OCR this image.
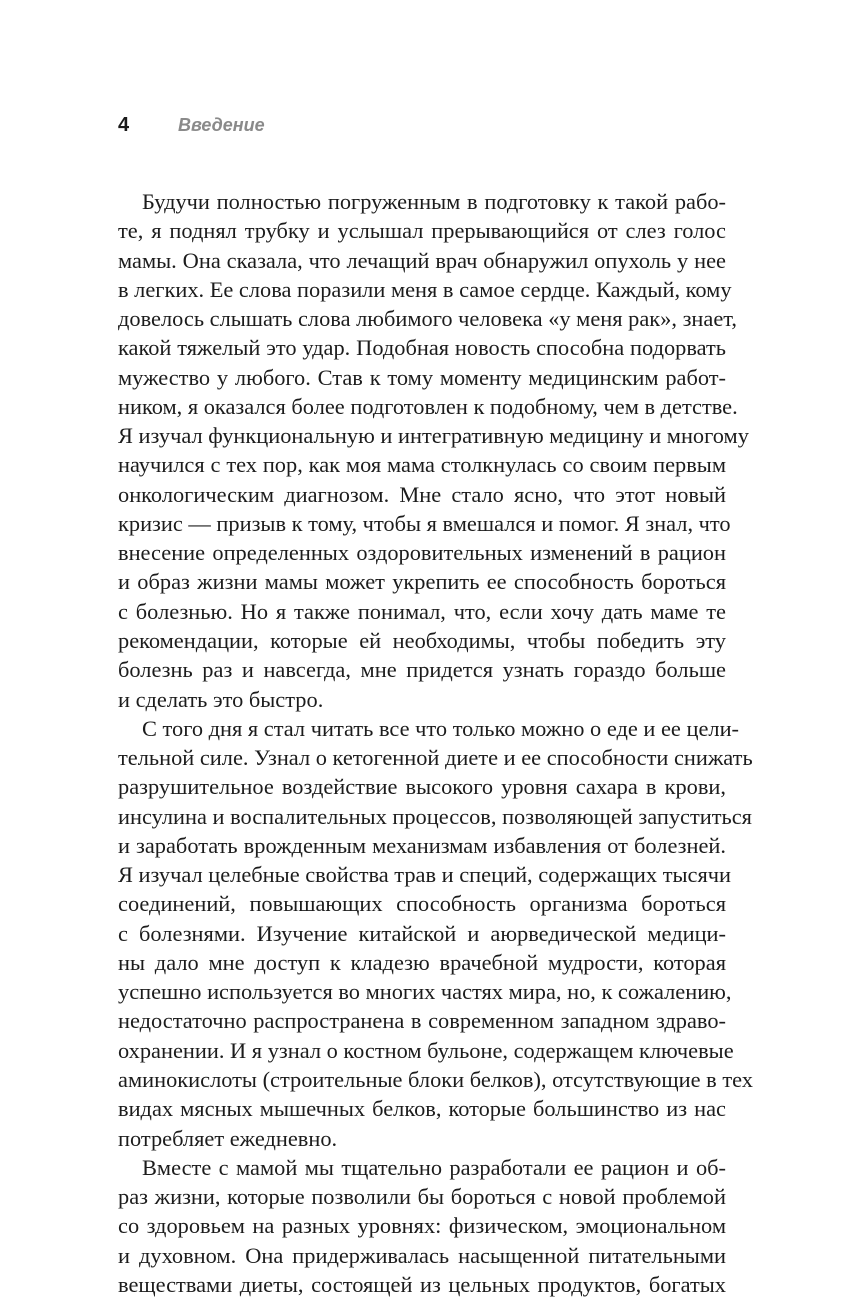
4	Введение
Будучи полностью погруженным в подготовку к такой рабо-
те, я поднял трубку и услышал прерывающийся от слез голос
мамы. Она сказала, что лечащий врач обнаружил опухоль у нее
в легких. Ее слова поразили меня в самое сердце. Каждый, кому
довелось слышать слова любимого человека «у меня рак», знает,
какой тяжелый это удар. Подобная новость способна подорвать
мужество у любого. Став к тому моменту медицинским работ-
ником, я оказался более подготовлен к подобному, чем в детстве.
Я изучал функциональную и интегративную медицину и многому
научился с тех пор, как моя мама столкнулась со своим первым
онкологическим диагнозом. Мне стало ясно, что этот новый
кризис — призыв к тому, чтобы я вмешался и помог. Я знал, что
внесение определенных оздоровительных изменений в рацион
и образ жизни мамы может укрепить ее способность бороться
с болезнью. Но я также понимал, что, если хочу дать маме те
рекомендации, которые ей необходимы, чтобы победить эту
болезнь раз и навсегда, мне придется узнать гораздо больше
и сделать это быстро.
С того дня я стал читать все что только можно о еде и ее цели-
тельной силе. Узнал о кетогенной диете и ее способности снижать
разрушительное воздействие высокого уровня сахара в крови,
инсулина и воспалительных процессов, позволяющей запуститься
и заработать врожденным механизмам избавления от болезней.
Я изучал целебные свойства трав и специй, содержащих тысячи
соединений, повышающих способность организма бороться
с болезнями. Изучение китайской и аюрведической медици-
ны дало мне доступ к кладезю врачебной мудрости, которая
успешно используется во многих частях мира, но, к сожалению,
недостаточно распространена в современном западном здраво-
охранении. И я узнал о костном бульоне, содержащем ключевые
аминокислоты (строительные блоки белков), отсутствующие в тех
видах мясных мышечных белков, которые большинство из нас
потребляет ежедневно.
Вместе с мамой мы тщательно разработали ее рацион и об-
раз жизни, которые позволили бы бороться с новой проблемой
со здоровьем на разных уровнях: физическом, эмоциональном
и духовном. Она придерживалась насыщенной питательными
веществами диеты, состоящей из цельных продуктов, богатых
